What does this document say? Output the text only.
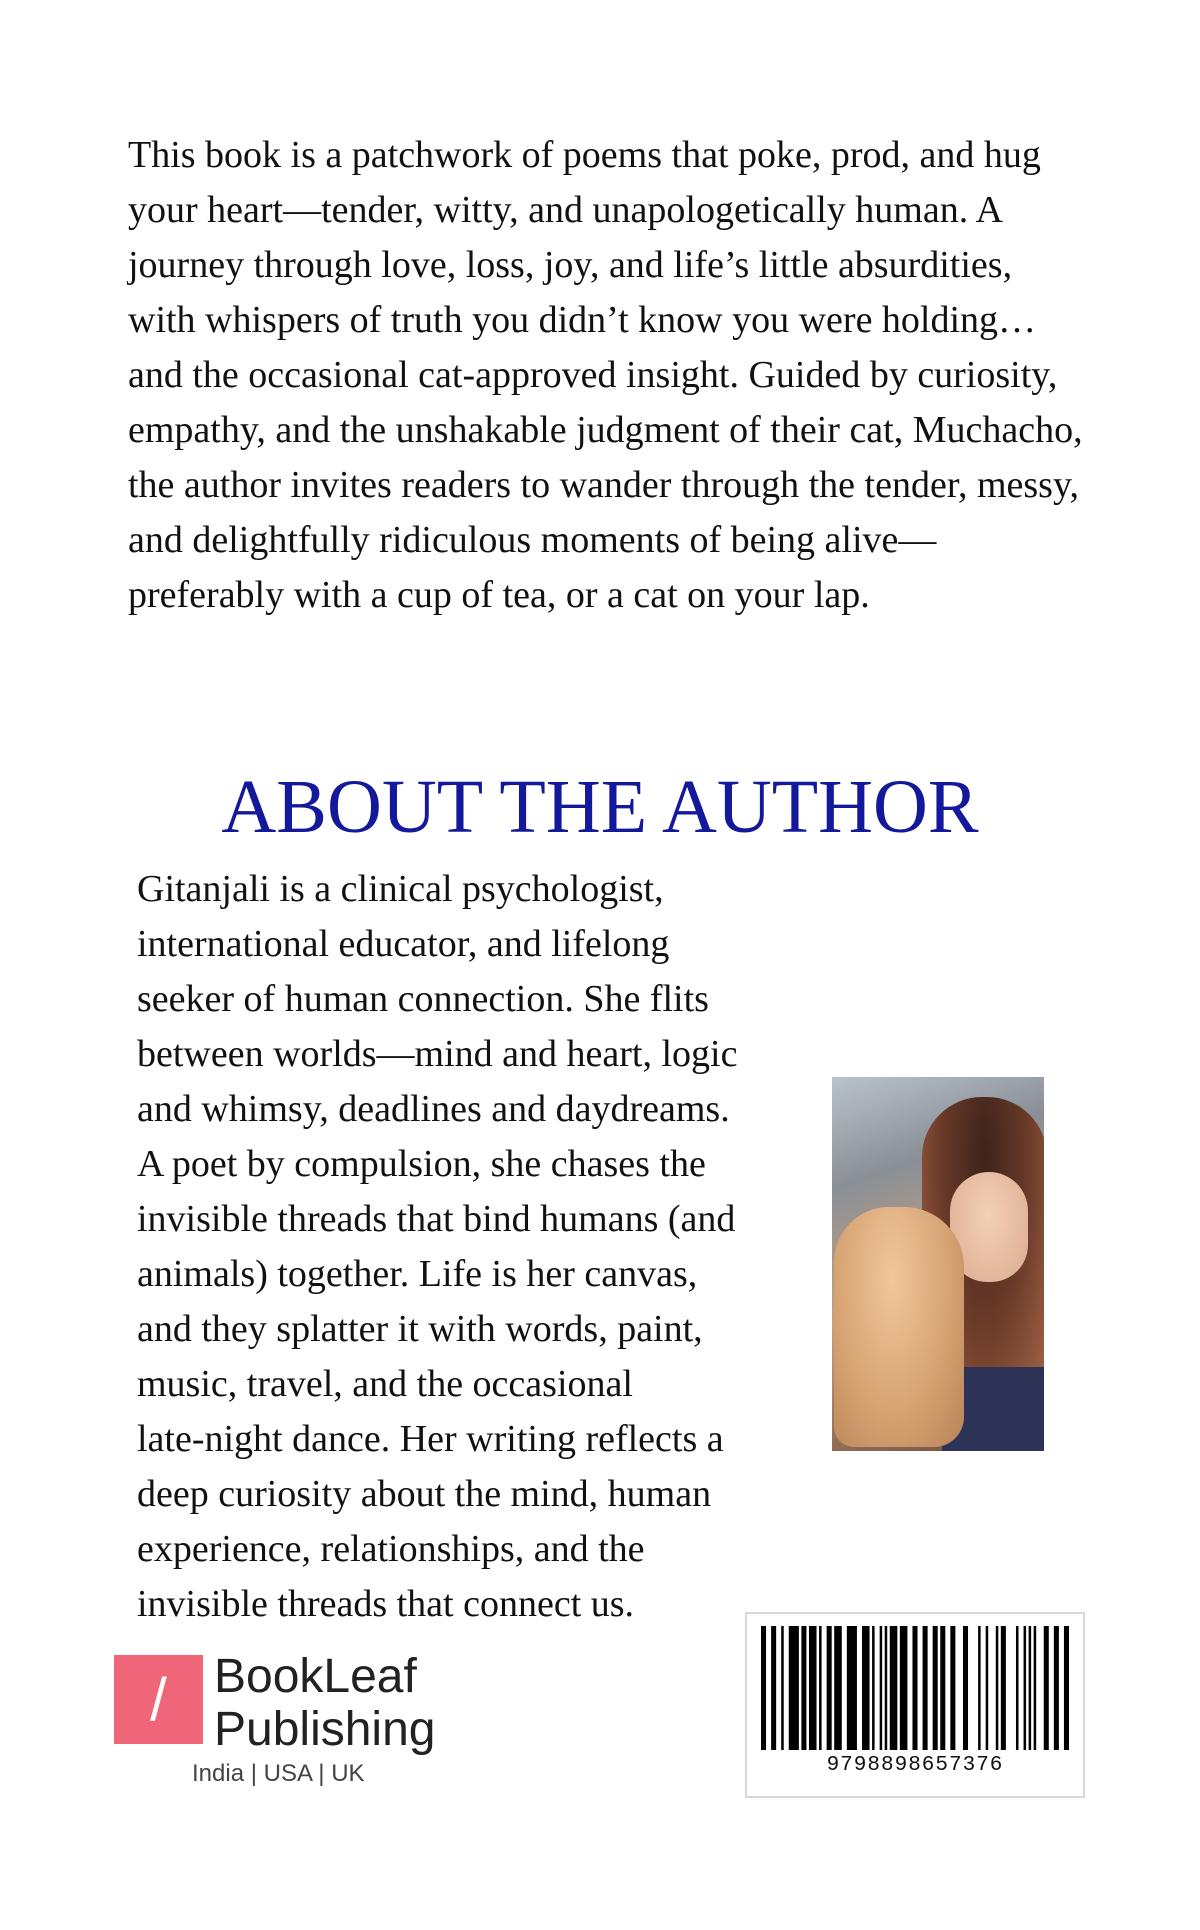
This book is a patchwork of poems that poke, prod, and hug your heart—tender, witty, and unapologetically human. A journey through love, loss, joy, and life’s little absurdities, with whispers of truth you didn’t know you were holding…and the occasional cat-approved insight. Guided by curiosity, empathy, and the unshakable judgment of their cat, Muchacho, the author invites readers to wander through the tender, messy, and delightfully ridiculous moments of being alive—preferably with a cup of tea, or a cat on your lap.

ABOUT THE AUTHOR
Gitanjali is a clinical psychologist,
international educator, and lifelong
seeker of human connection. She flits
between worlds—mind and heart, logic
and whimsy, deadlines and daydreams.
A poet by compulsion, she chases the
invisible threads that bind humans (and
animals) together. Life is her canvas,
and they splatter it with words, paint,
music, travel, and the occasional
late-night dance. Her writing reflects a
deep curiosity about the mind, human
experience, relationships, and the
invisible threads that connect us.
/ BookLeaf
Publishing
India | USA | UK	9798898657376
